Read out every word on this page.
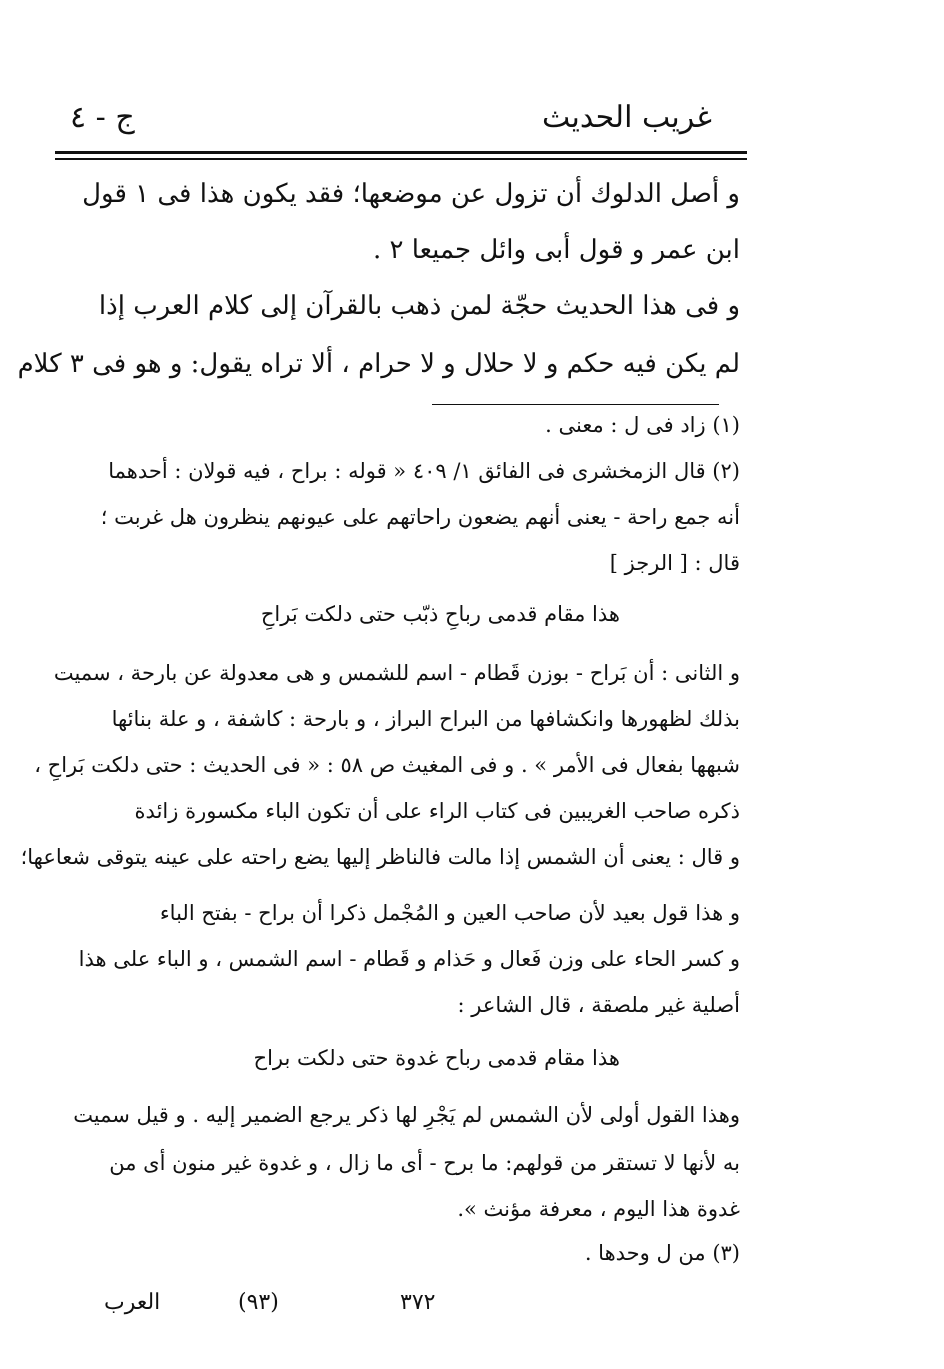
غريب الحديث
ج - ٤
و أصل الدلوك أن تزول عن موضعها؛ فقد يكون هذا فى ١ قول
ابن عمر و قول أبى وائل جميعا ٢ .
و فى هذا الحديث حجّة لمن ذهب بالقرآن إلى كلام العرب إذا
لم يكن فيه حكم و لا حلال و لا حرام ، ألا تراه يقول: و هو فى ٣ كلام
(١) زاد فى ل : معنى .
(٢) قال الزمخشرى فى الفائق ١/ ٤٠٩ « قوله : براح ، فيه قولان : أحدهما
أنه جمع راحة - يعنى أنهم يضعون راحاتهم على عيونهم ينظرون هل غربت ؛
قال : [ الرجز ]
هذا مقام قدمى رباحِ ذبّب حتى دلكت بَراحِ
و الثانى : أن بَراح - بوزن قَطام - اسم للشمس و هى معدولة عن بارحة ، سميت
بذلك لظهورها وانكشافها من البراح البراز ، و بارحة : كاشفة ، و علة بنائها
شبهها بفعال فى الأمر » . و فى المغيث ص ٥٨ : « فى الحديث : حتى دلكت بَراحِ ،
ذكره صاحب الغريبين فى كتاب الراء على أن تكون الباء مكسورة زائدة
و قال : يعنى أن الشمس إذا مالت فالناظر إليها يضع راحته على عينه يتوقى شعاعها؛
و هذا قول بعيد لأن صاحب العين و المُجْمل ذكرا أن براح - بفتح الباء
و كسر الحاء على وزن فَعال و حَذام و قَطام - اسم الشمس ، و الباء على هذا
أصلية غير ملصقة ، قال الشاعر :
هذا مقام قدمى رباح غدوة حتى دلكت براح
وهذا القول أولى لأن الشمس لم يَجْرِ لها ذكر يرجع الضمير إليه . و قيل سميت
به لأنها لا تستقر من قولهم: ما برح - أى ما زال ، و غدوة غير منون أى من
غدوة هذا اليوم ، معرفة مؤنث ».
(٣) من ل وحدها .
العرب	(٩٣)	٣٧٢
